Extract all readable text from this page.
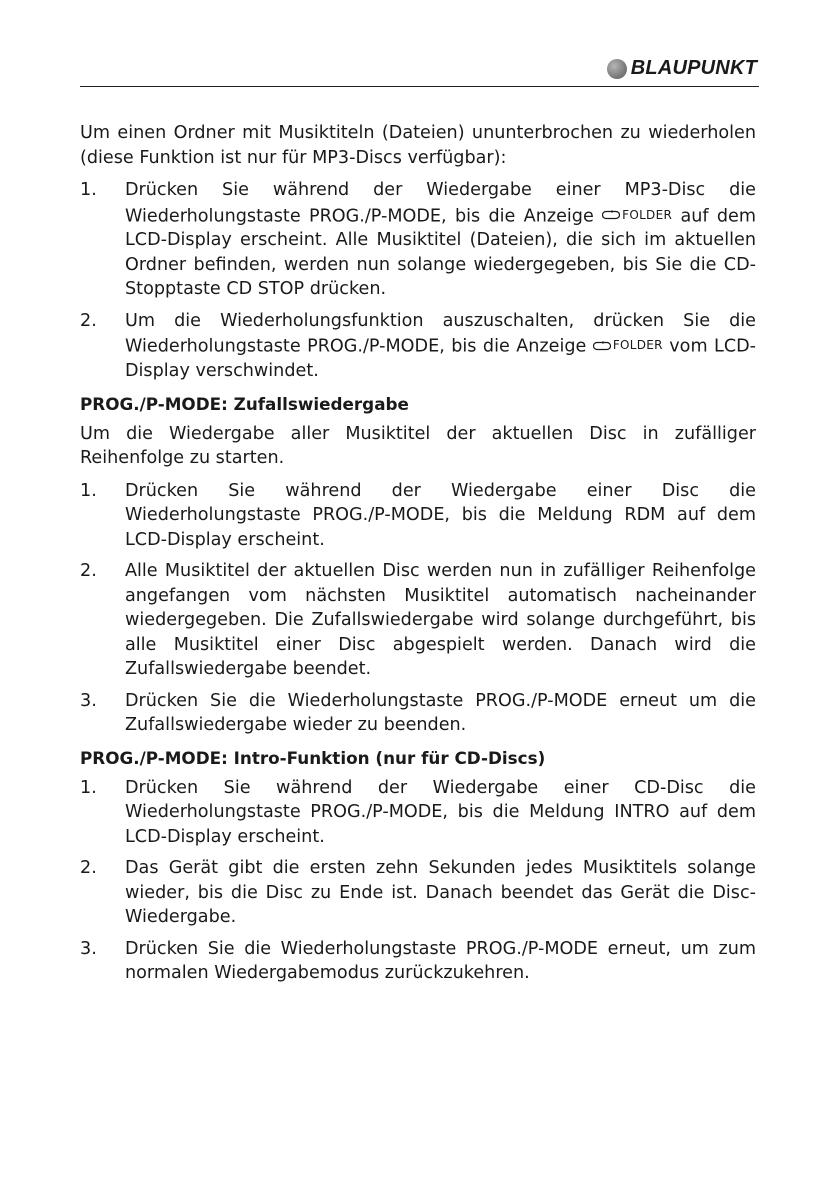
BLAUPUNKT

Um einen Ordner mit Musiktiteln (Dateien) ununterbrochen zu wiederholen (diese Funktion ist nur für MP3-Discs verfügbar):

1.	Drücken Sie während der Wiedergabe einer MP3-Disc die Wiederholungstaste PROG./P-MODE, bis die Anzeige FOLDER auf dem LCD-Display erscheint. Alle Musiktitel (Dateien), die sich im aktuellen Ordner befinden, werden nun solange wiedergegeben, bis Sie die CD-Stopptaste CD STOP drücken.
2.	Um die Wiederholungsfunktion auszuschalten, drücken Sie die Wiederholungstaste PROG./P-MODE, bis die Anzeige FOLDER vom LCD-Display verschwindet.
PROG./P-MODE: Zufallswiedergabe

Um die Wiedergabe aller Musiktitel der aktuellen Disc in zufälliger Reihenfolge zu starten.

1.	Drücken Sie während der Wiedergabe einer Disc die Wiederholungstaste PROG./P-MODE, bis die Meldung RDM auf dem LCD-Display erscheint.
2.	Alle Musiktitel der aktuellen Disc werden nun in zufälliger Reihenfolge angefangen vom nächsten Musiktitel automatisch nacheinander wiedergegeben. Die Zufallswiedergabe wird solange durchgeführt, bis alle Musiktitel einer Disc abgespielt werden. Danach wird die Zufallswiedergabe beendet.
3.	Drücken Sie die Wiederholungstaste PROG./P-MODE erneut um die Zufallswiedergabe wieder zu beenden.
PROG./P-MODE: Intro-Funktion (nur für CD-Discs)
1.	Drücken Sie während der Wiedergabe einer CD-Disc die Wiederholungstaste PROG./P-MODE, bis die Meldung INTRO auf dem LCD-Display erscheint.
2.	Das Gerät gibt die ersten zehn Sekunden jedes Musiktitels solange wieder, bis die Disc zu Ende ist. Danach beendet das Gerät die Disc-Wiedergabe.
3.	Drücken Sie die Wiederholungstaste PROG./P-MODE erneut, um zum normalen Wiedergabemodus zurückzukehren.
